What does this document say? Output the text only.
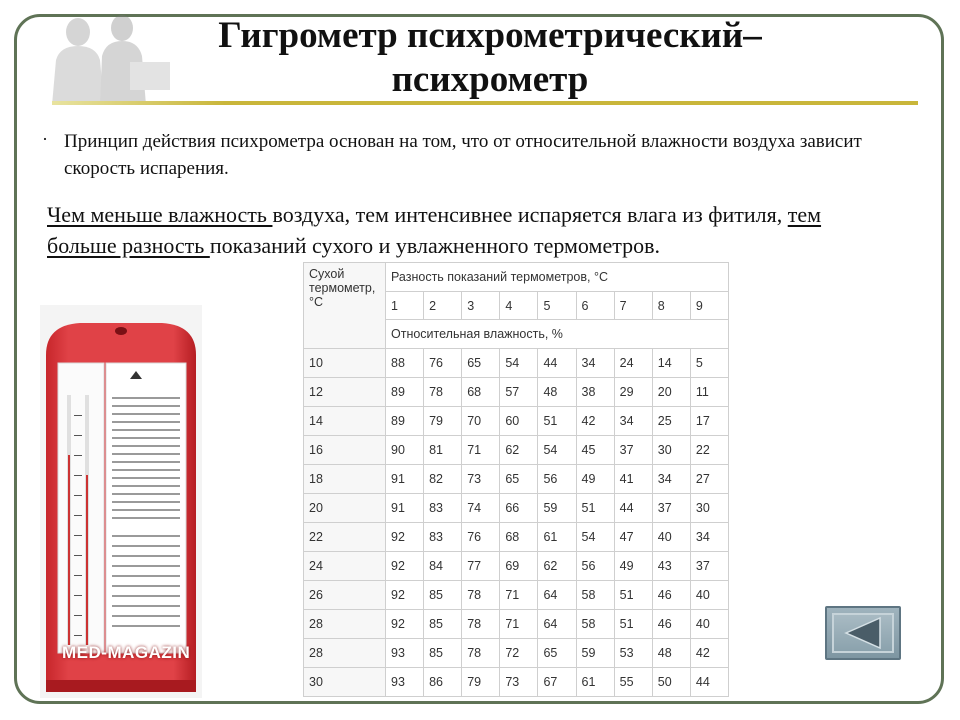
Гигрометр психрометрический– психрометр
· Принцип действия психрометра основан на том, что от относительной влажности воздуха зависит скорость испарения.
Чем меньше влажность воздуха, тем интенсивнее испаряется влага из фитиля, тем больше разность показаний сухого и увлажненного термометров.
MED-MAGAZIN
Сухой термометр, °С	Разность показаний термометров, °С								
	1	2	3	4	5	6	7	8	9
	Относительная влажность, %								
10	88	76	65	54	44	34	24	14	5
12	89	78	68	57	48	38	29	20	11
14	89	79	70	60	51	42	34	25	17
16	90	81	71	62	54	45	37	30	22
18	91	82	73	65	56	49	41	34	27
20	91	83	74	66	59	51	44	37	30
22	92	83	76	68	61	54	47	40	34
24	92	84	77	69	62	56	49	43	37
26	92	85	78	71	64	58	51	46	40
28	92	85	78	71	64	58	51	46	40
28	93	85	78	72	65	59	53	48	42
30	93	86	79	73	67	61	55	50	44
